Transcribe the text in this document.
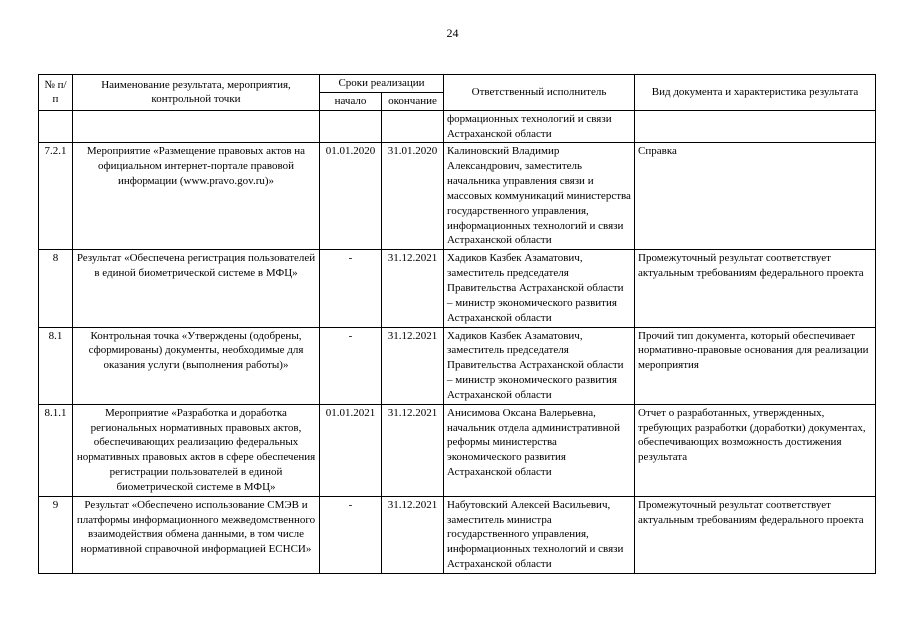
24
№ п/п	Наименование результата, мероприятия, контрольной точки	Сроки реализации		Ответственный исполнитель	Вид документа и характеристика результата
		начало	окончание		
				формационных технологий и связи Астраханской области	
7.2.1	Мероприятие «Размещение правовых актов на официальном интернет-портале правовой информации (www.pravo.gov.ru)»	01.01.2020	31.01.2020	Калиновский Владимир Александрович, заместитель начальника управления связи и массовых коммуникаций министерства государственного управления, информационных технологий и связи Астраханской области	Справка
8	Результат «Обеспечена регистрация пользователей в единой биометрической системе в МФЦ»	-	31.12.2021	Хадиков Казбек Азаматович, заместитель председателя Правительства Астраханской области – министр экономического развития Астраханской области	Промежуточный результат соответствует актуальным требованиям федерального проекта
8.1	Контрольная точка «Утверждены (одобрены, сформированы) документы, необходимые для оказания услуги (выполнения работы)»	-	31.12.2021	Хадиков Казбек Азаматович, заместитель председателя Правительства Астраханской области – министр экономического развития Астраханской области	Прочий тип документа, который обеспечивает нормативно-правовые основания для реализации мероприятия
8.1.1	Мероприятие «Разработка и доработка региональных нормативных правовых актов, обеспечивающих реализацию федеральных нормативных правовых актов в сфере обеспечения регистрации пользователей в единой биометрической системе в МФЦ»	01.01.2021	31.12.2021	Анисимова Оксана Валерьевна, начальник отдела административной реформы министерства экономического развития Астраханской области	Отчет о разработанных, утвержденных, требующих разработки (доработки) документах, обеспечивающих возможность достижения результата
9	Результат «Обеспечено использование СМЭВ и платформы информационного межведомственного взаимодействия обмена данными, в том числе нормативной справочной информацией ЕСНСИ»	-	31.12.2021	Набутовский Алексей Васильевич, заместитель министра государственного управления, информационных технологий и связи Астраханской области	Промежуточный результат соответствует актуальным требованиям федерального проекта
